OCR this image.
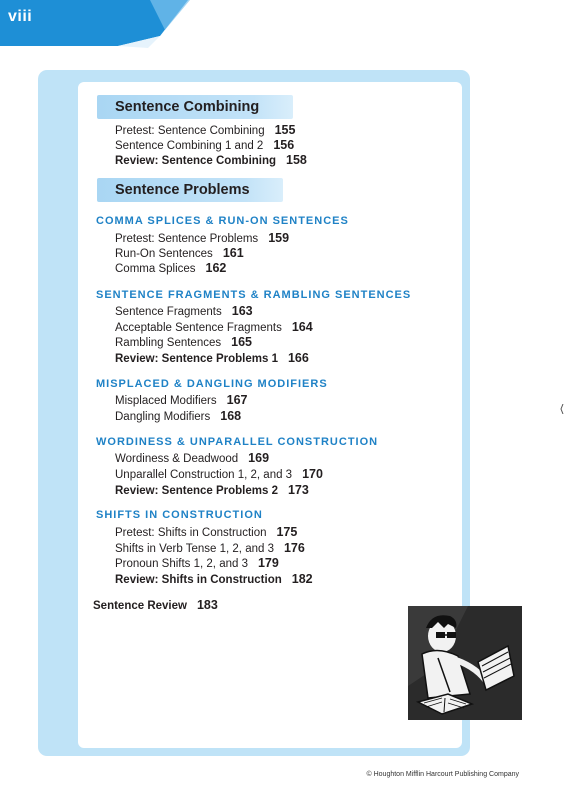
viii
Sentence Combining
Pretest: Sentence Combining 155
Sentence Combining 1 and 2 156
Review: Sentence Combining 158
Sentence Problems
COMMA SPLICES & RUN-ON SENTENCES
Pretest: Sentence Problems 159
Run-On Sentences 161
Comma Splices 162
SENTENCE FRAGMENTS & RAMBLING SENTENCES
Sentence Fragments 163
Acceptable Sentence Fragments 164
Rambling Sentences 165
Review: Sentence Problems 1 166
MISPLACED & DANGLING MODIFIERS
Misplaced Modifiers 167
Dangling Modifiers 168
WORDINESS & UNPARALLEL CONSTRUCTION
Wordiness & Deadwood 169
Unparallel Construction 1, 2, and 3 170
Review: Sentence Problems 2 173
SHIFTS IN CONSTRUCTION
Pretest: Shifts in Construction 175
Shifts in Verb Tense 1, 2, and 3 176
Pronoun Shifts 1, 2, and 3 179
Review: Shifts in Construction 182
Sentence Review 183
© Houghton Mifflin Harcourt Publishing Company
